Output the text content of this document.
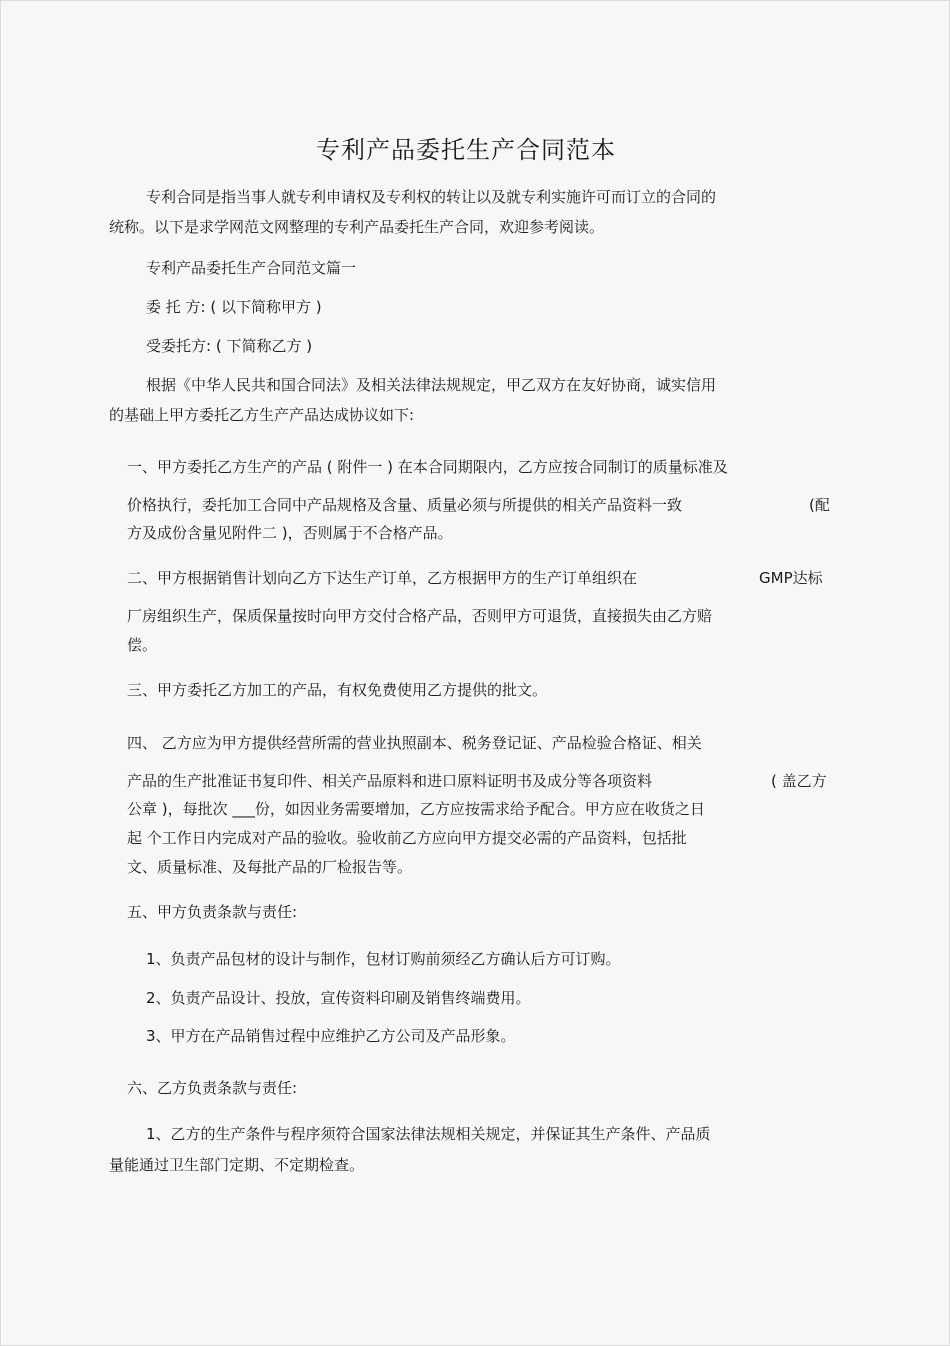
专利产品委托生产合同范本

专利合同是指当事人就专利申请权及专利权的转让以及就专利实施许可而订立的合同的

统称。以下是求学网范文网整理的专利产品委托生产合同，欢迎参考阅读。

专利产品委托生产合同范文篇一

委 托 方: ( 以下简称甲方 )

受委托方: ( 下简称乙方 )

根据《中华人民共和国合同法》及相关法律法规规定，甲乙双方在友好协商，诚实信用

的基础上甲方委托乙方生产产品达成协议如下:

一、甲方委托乙方生产的产品 ( 附件一 ) 在本合同期限内，乙方应按合同制订的质量标准及

价格执行，委托加工合同中产品规格及含量、质量必须与所提供的相关产品资料一致	(配

方及成份含量见附件二 )，否则属于不合格产品。

二、甲方根据销售计划向乙方下达生产订单，乙方根据甲方的生产订单组织在	GMP达标

厂房组织生产，保质保量按时向甲方交付合格产品，否则甲方可退货，直接损失由乙方赔

偿。

三、甲方委托乙方加工的产品，有权免费使用乙方提供的批文。

四、 乙方应为甲方提供经营所需的营业执照副本、税务登记证、产品检验合格证、相关

产品的生产批准证书复印件、相关产品原料和进口原料证明书及成分等各项资料	( 盖乙方

公章 )，每批次 ___份，如因业务需要增加，乙方应按需求给予配合。甲方应在收货之日

起 个工作日内完成对产品的验收。验收前乙方应向甲方提交必需的产品资料，包括批

文、质量标准、及每批产品的厂检报告等。

五、甲方负责条款与责任:

1、负责产品包材的设计与制作，包材订购前须经乙方确认后方可订购。

2、负责产品设计、投放，宣传资料印刷及销售终端费用。

3、甲方在产品销售过程中应维护乙方公司及产品形象。

六、乙方负责条款与责任:

1、乙方的生产条件与程序须符合国家法律法规相关规定，并保证其生产条件、产品质

量能通过卫生部门定期、不定期检查。
